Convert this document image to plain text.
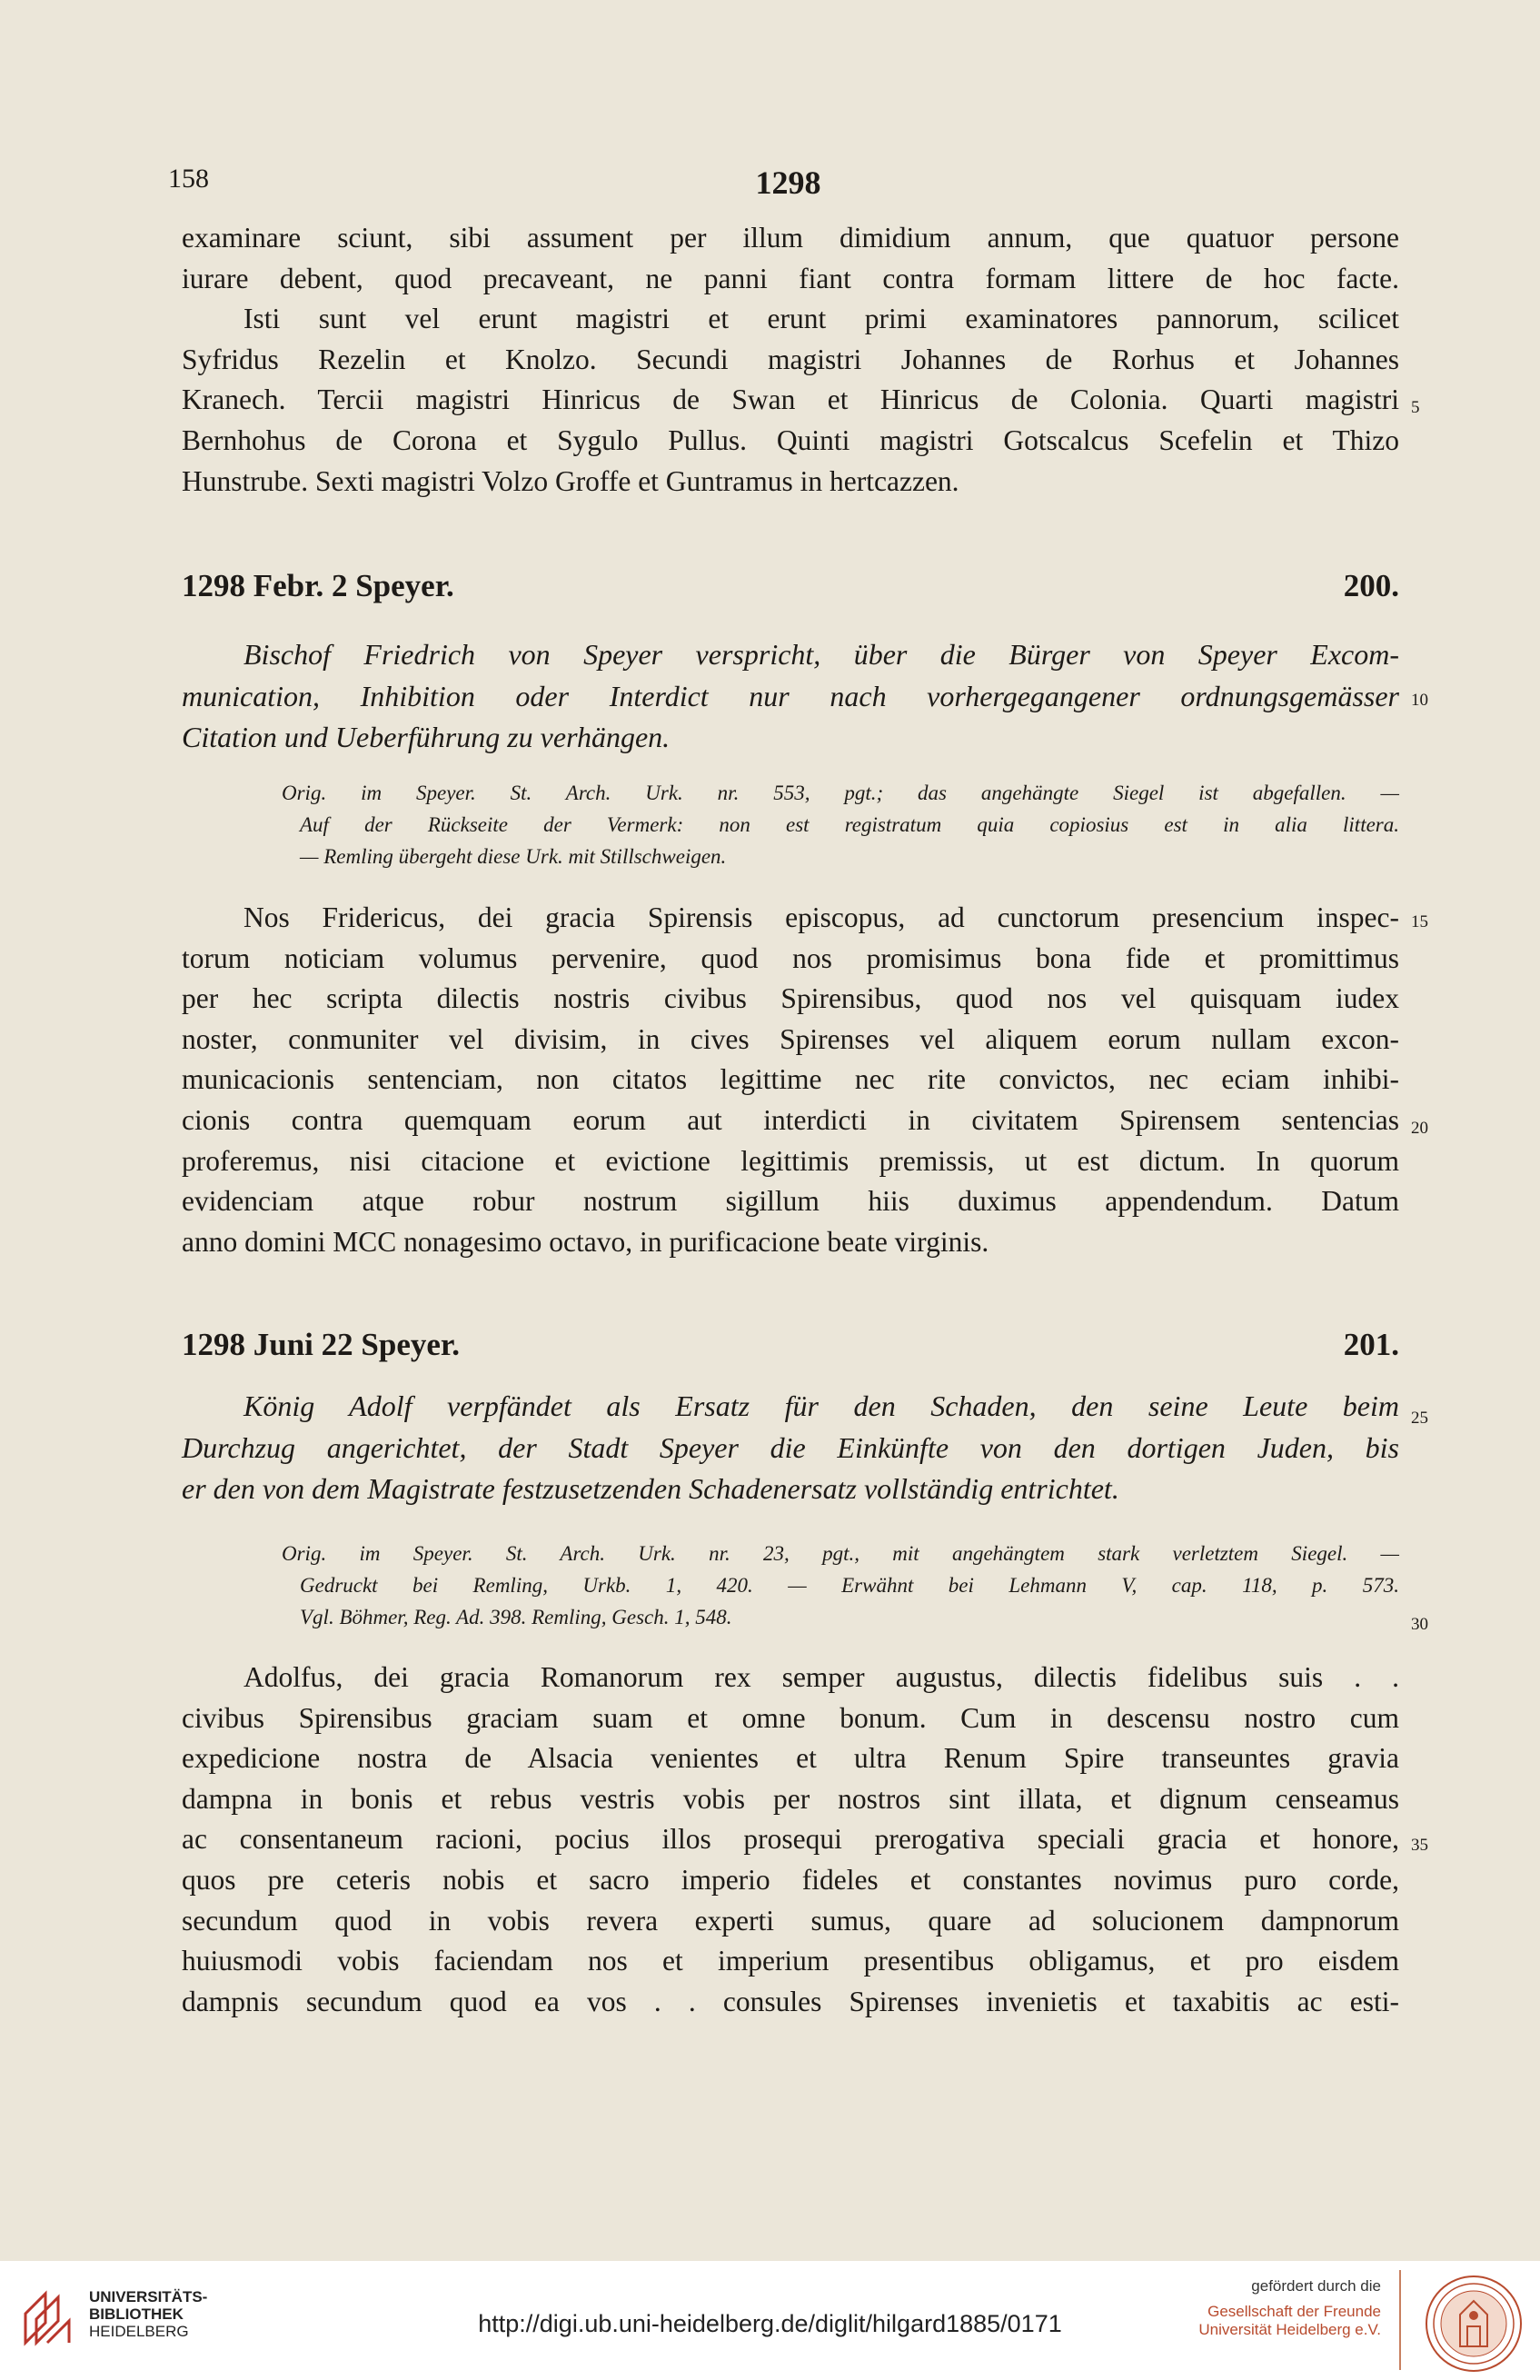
158	1298
examinare sciunt, sibi assument per illum dimidium annum, que quatuor persone
iurare debent, quod precaveant, ne panni fiant contra formam littere de hoc facte.
Isti sunt vel erunt magistri et erunt primi examinatores pannorum, scilicet
Syfridus Rezelin et Knolzo. Secundi magistri Johannes de Rorhus et Johannes
Kranech. Tercii magistri Hinricus de Swan et Hinricus de Colonia. Quarti magistri
Bernhohus de Corona et Sygulo Pullus. Quinti magistri Gotscalcus Scefelin et Thizo
Hunstrube. Sexti magistri Volzo Groffe et Guntramus in hertcazzen.
1298 Febr. 2 Speyer.	200.
Bischof Friedrich von Speyer verspricht, über die Bürger von Speyer Excom-
munication, Inhibition oder Interdict nur nach vorhergegangener ordnungsgemässer
Citation und Ueberführung zu verhängen.
Orig. im Speyer. St. Arch. Urk. nr. 553, pgt.; das angehängte Siegel ist abgefallen. —
Auf der Rückseite der Vermerk: non est registratum quia copiosius est in alia littera.
— Remling übergeht diese Urk. mit Stillschweigen.
Nos Fridericus, dei gracia Spirensis episcopus, ad cunctorum presencium inspec-
torum noticiam volumus pervenire, quod nos promisimus bona fide et promittimus
per hec scripta dilectis nostris civibus Spirensibus, quod nos vel quisquam iudex
noster, conmuniter vel divisim, in cives Spirenses vel aliquem eorum nullam excon-
municacionis sentenciam, non citatos legittime nec rite convictos, nec eciam inhibi-
cionis contra quemquam eorum aut interdicti in civitatem Spirensem sentencias
proferemus, nisi citacione et evictione legittimis premissis, ut est dictum. In quorum
evidenciam atque robur nostrum sigillum hiis duximus appendendum. Datum
anno domini MCC nonagesimo octavo, in purificacione beate virginis.
1298 Juni 22 Speyer.	201.
König Adolf verpfändet als Ersatz für den Schaden, den seine Leute beim
Durchzug angerichtet, der Stadt Speyer die Einkünfte von den dortigen Juden, bis
er den von dem Magistrate festzusetzenden Schadenersatz vollständig entrichtet.
Orig. im Speyer. St. Arch. Urk. nr. 23, pgt., mit angehängtem stark verletztem Siegel. —
Gedruckt bei Remling, Urkb. 1, 420. — Erwähnt bei Lehmann V, cap. 118, p. 573.
Vgl. Böhmer, Reg. Ad. 398. Remling, Gesch. 1, 548.
Adolfus, dei gracia Romanorum rex semper augustus, dilectis fidelibus suis . .
civibus Spirensibus graciam suam et omne bonum. Cum in descensu nostro cum
expedicione nostra de Alsacia venientes et ultra Renum Spire transeuntes gravia
dampna in bonis et rebus vestris vobis per nostros sint illata, et dignum censeamus
ac consentaneum racioni, pocius illos prosequi prerogativa speciali gracia et honore,
quos pre ceteris nobis et sacro imperio fideles et constantes novimus puro corde,
secundum quod in vobis revera experti sumus, quare ad solucionem dampnorum
huiusmodi vobis faciendam nos et imperium presentibus obligamus, et pro eisdem
dampnis secundum quod ea vos . . consules Spirenses invenietis et taxabitis ac esti-
5
10
15
20
25
30
35
UNIVERSITÄTS-
BIBLIOTHEK
HEIDELBERG	http://digi.ub.uni-heidelberg.de/diglit/hilgard1885/0171
gefördert durch die
Gesellschaft der Freunde
Universität Heidelberg e.V.
